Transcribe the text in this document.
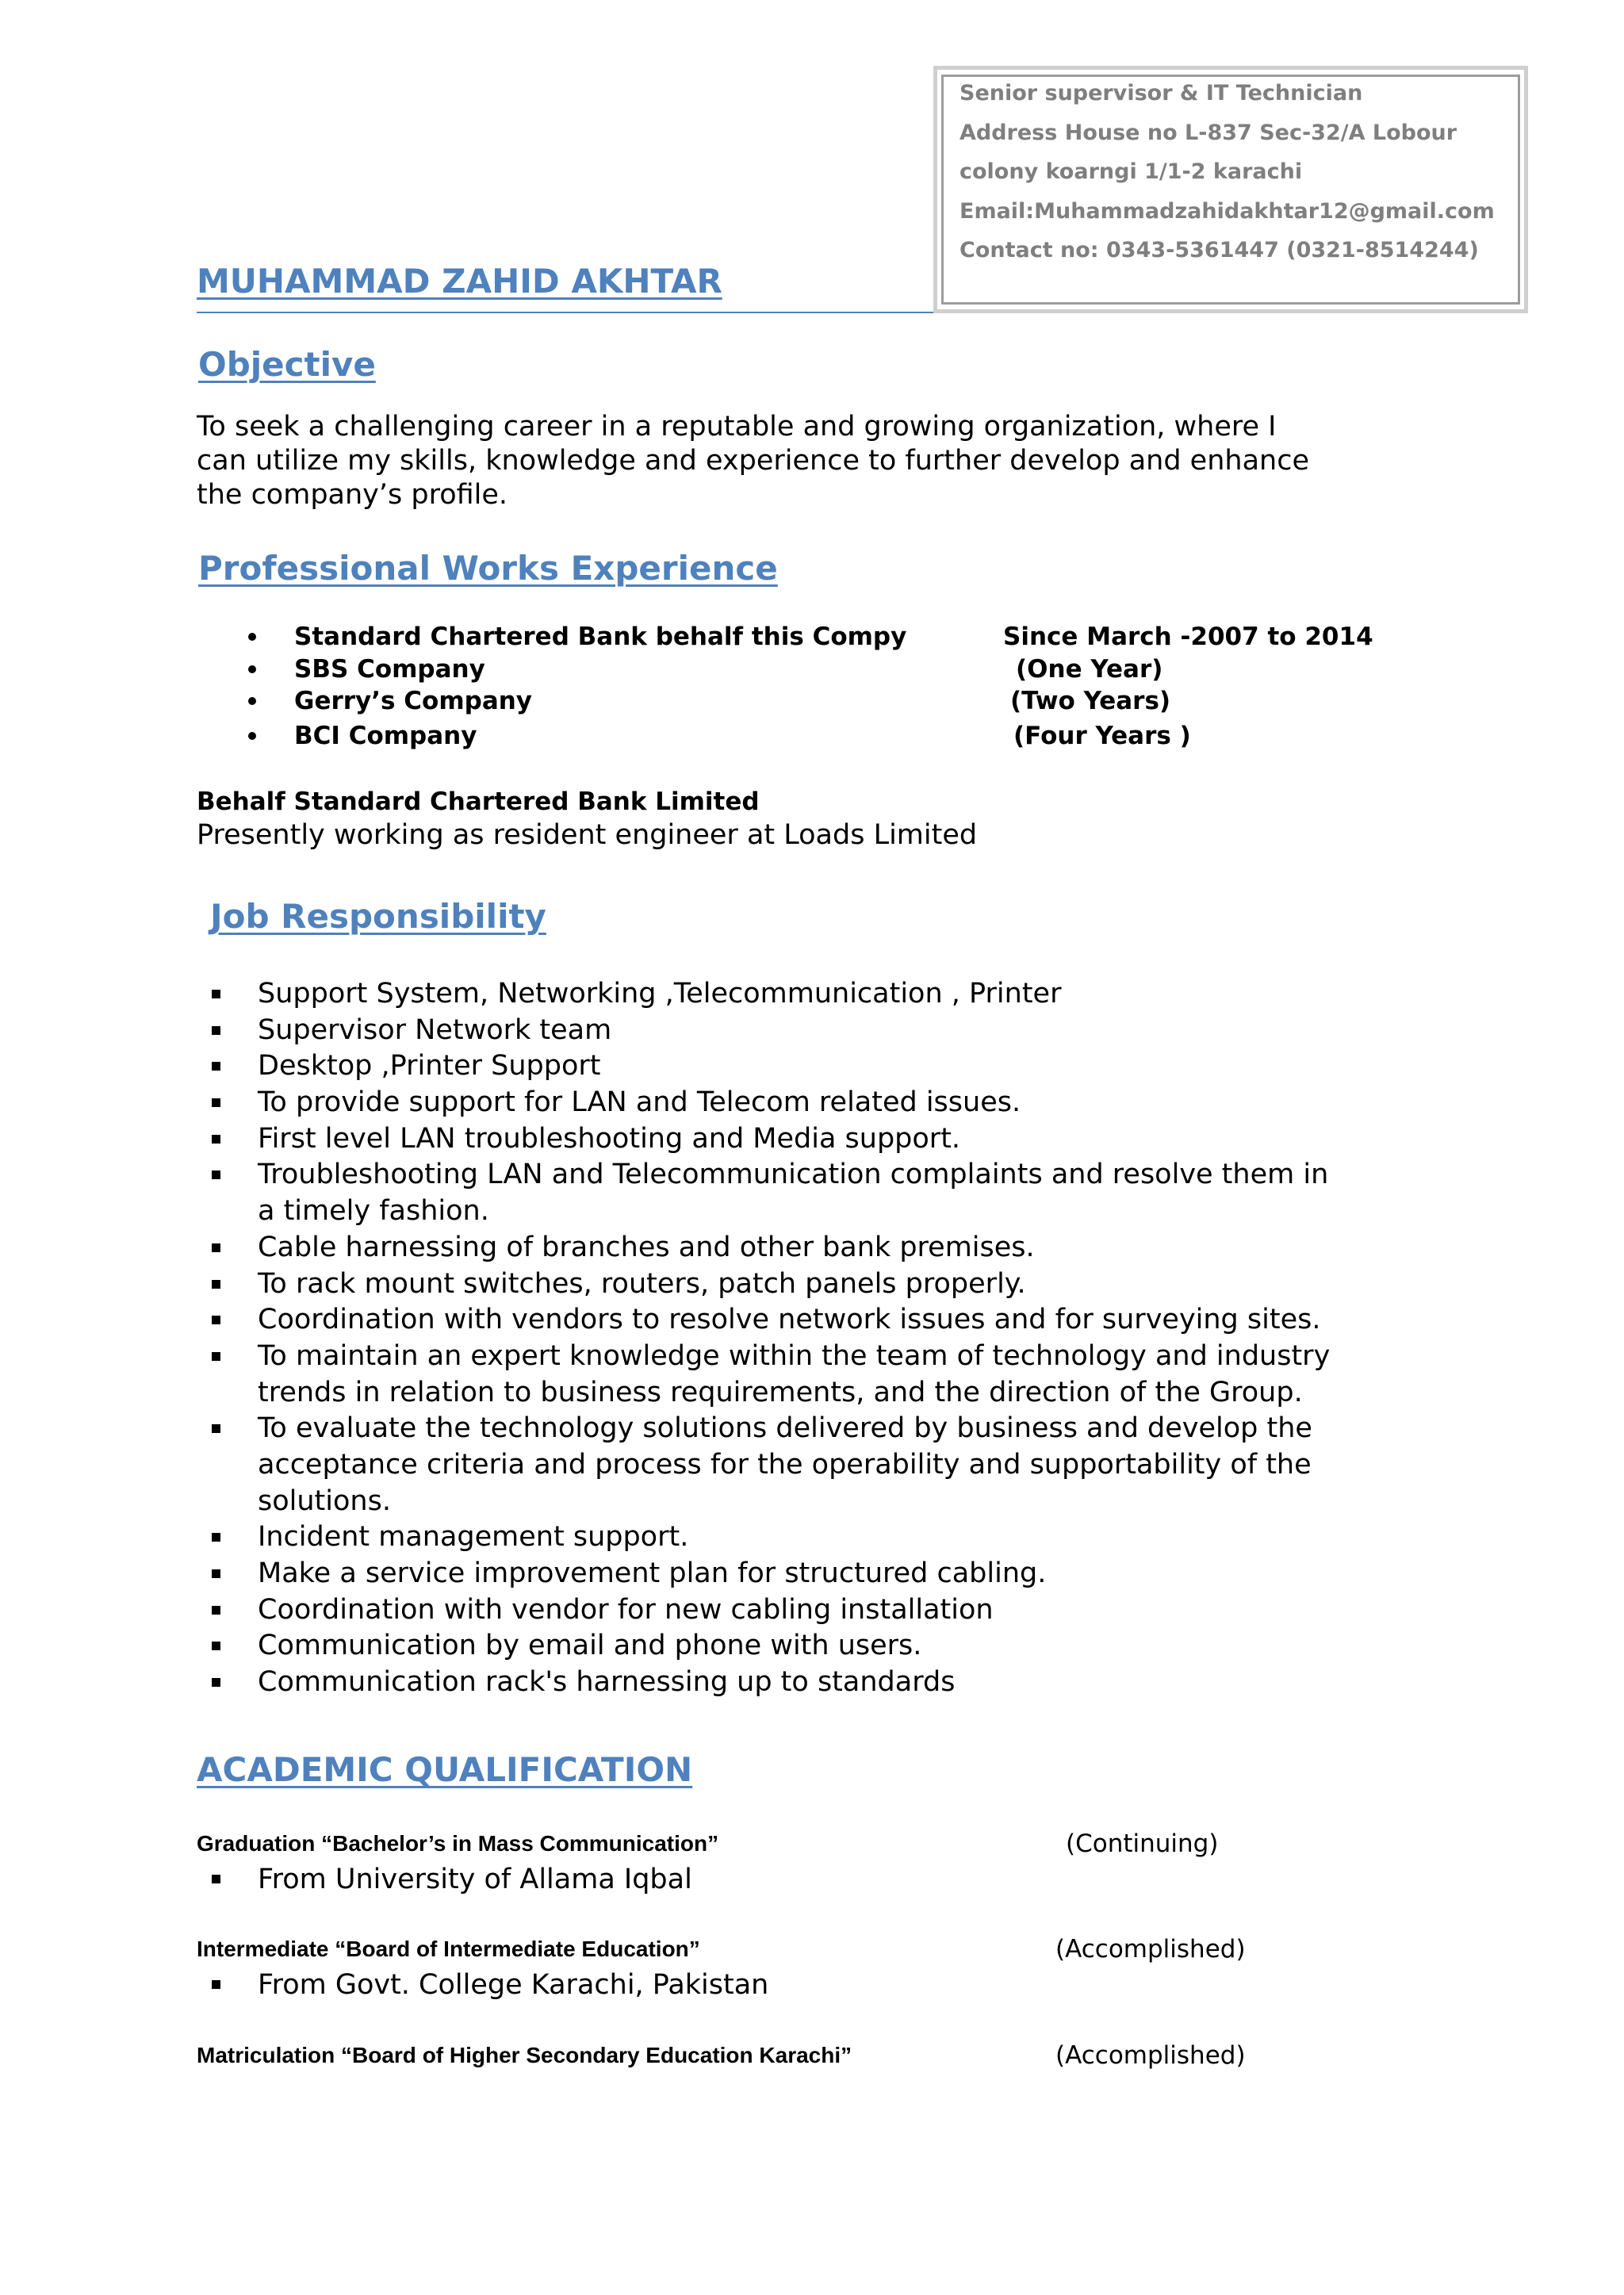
Senior supervisor & IT Technician
Address House no L-837 Sec-32/A Lobour
colony koarngi 1/1-2 karachi
Email:Muhammadzahidakhtar12@gmail.com
Contact no: 0343-5361447 (0321-8514244)
MUHAMMAD ZAHID AKHTAR
Objective
To seek a challenging career in a reputable and growing organization, where I
can utilize my skills, knowledge and experience to further develop and enhance
the company’s profile.
Professional Works Experience
Standard Chartered Bank behalf this Compy	Since March -2007 to 2014
SBS Company	(One Year)
Gerry’s Company	(Two Years)
BCI Company	(Four Years )
Behalf Standard Chartered Bank Limited
Presently working as resident engineer at Loads Limited
Job Responsibility
Support System, Networking ,Telecommunication , Printer
Supervisor Network team
Desktop ,Printer Support
To provide support for LAN and Telecom related issues.
First level LAN troubleshooting and Media support.
Troubleshooting LAN and Telecommunication complaints and resolve them in
a timely fashion.
Cable harnessing of branches and other bank premises.
To rack mount switches, routers, patch panels properly.
Coordination with vendors to resolve network issues and for surveying sites.
To maintain an expert knowledge within the team of technology and industry
trends in relation to business requirements, and the direction of the Group.
To evaluate the technology solutions delivered by business and develop the
acceptance criteria and process for the operability and supportability of the
solutions.
Incident management support.
Make a service improvement plan for structured cabling.
Coordination with vendor for new cabling installation
Communication by email and phone with users.
Communication rack's harnessing up to standards
ACADEMIC QUALIFICATION
Graduation “Bachelor’s in Mass Communication”	(Continuing)
From University of Allama Iqbal
Intermediate “Board of Intermediate Education”	(Accomplished)
From Govt. College Karachi, Pakistan
Matriculation “Board of Higher Secondary Education Karachi”	(Accomplished)
